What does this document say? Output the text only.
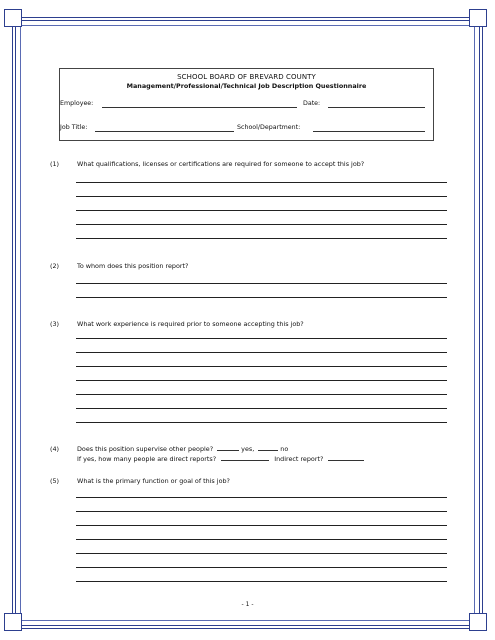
SCHOOL BOARD OF BREVARD COUNTY
Management/Professional/Technical Job Description Questionnaire
Employee:	Date:
Job Title:	School/Department:
(1)	What qualifications, licenses or certifications are required for someone to accept this job?
(2)	To whom does this position report?
(3)	What work experience is required prior to someone accepting this job?
(4)	Does this position supervise other people?	yes,	no
If yes, how many people are direct reports?	Indirect report?
(5)	What is the primary function or goal of this job?
- 1 -
